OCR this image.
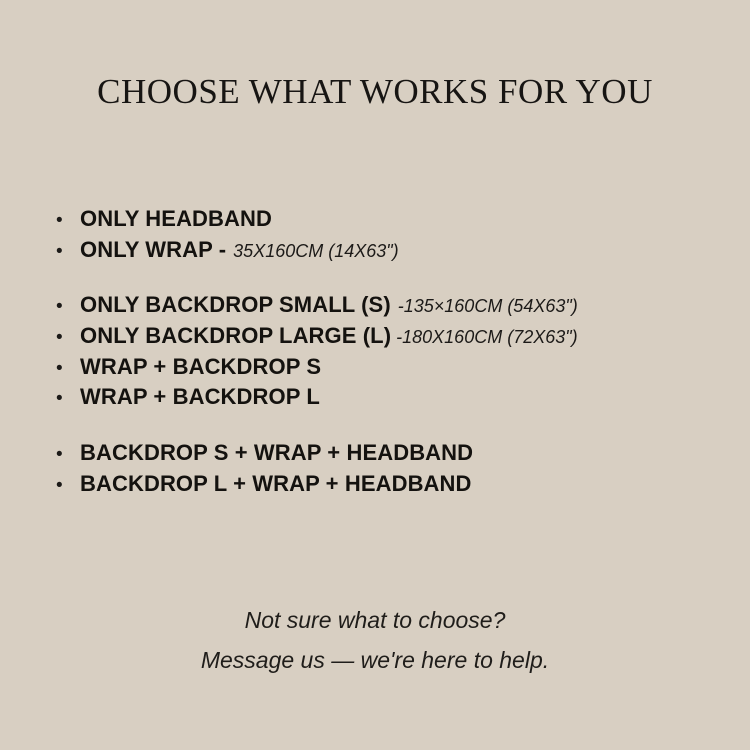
CHOOSE WHAT WORKS FOR YOU
• ONLY HEADBAND
• ONLY WRAP - 35X160CM (14X63")
• ONLY BACKDROP SMALL (S) -135×160CM (54X63")
• ONLY BACKDROP LARGE (L) -180X160CM (72X63")
• WRAP + BACKDROP S
• WRAP + BACKDROP L
• BACKDROP S + WRAP + HEADBAND
• BACKDROP L + WRAP + HEADBAND
Not sure what to choose?
Message us — we're here to help.
